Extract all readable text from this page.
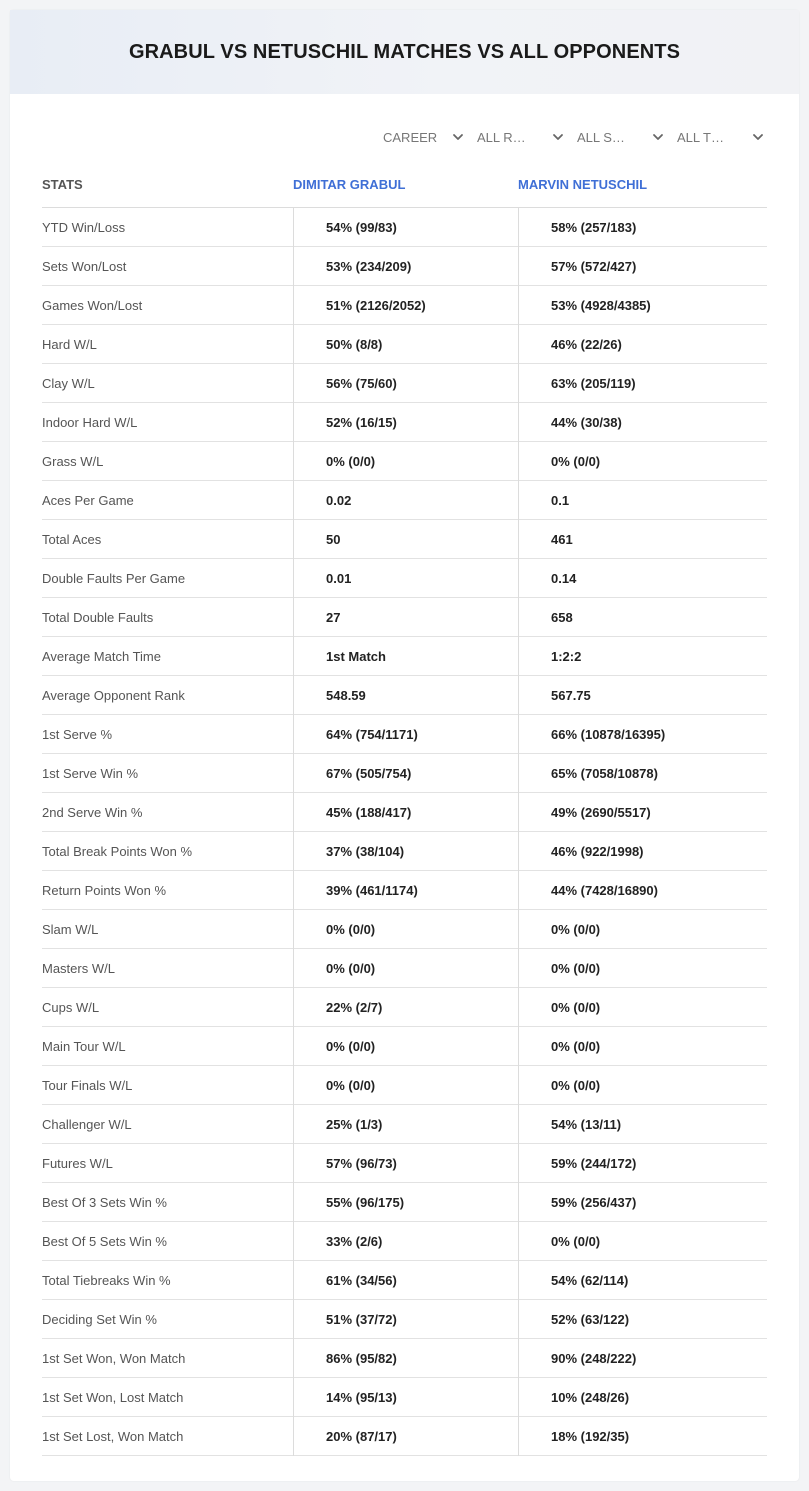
GRABUL VS NETUSCHIL MATCHES VS ALL OPPONENTS
CAREER	ALL R…	ALL S…	ALL T…
STATS	DIMITAR GRABUL	MARVIN NETUSCHIL
YTD Win/Loss	54% (99/83)	58% (257/183)
Sets Won/Lost	53% (234/209)	57% (572/427)
Games Won/Lost	51% (2126/2052)	53% (4928/4385)
Hard W/L	50% (8/8)	46% (22/26)
Clay W/L	56% (75/60)	63% (205/119)
Indoor Hard W/L	52% (16/15)	44% (30/38)
Grass W/L	0% (0/0)	0% (0/0)
Aces Per Game	0.02	0.1
Total Aces	50	461
Double Faults Per Game	0.01	0.14
Total Double Faults	27	658
Average Match Time	1st Match	1:2:2
Average Opponent Rank	548.59	567.75
1st Serve %	64% (754/1171)	66% (10878/16395)
1st Serve Win %	67% (505/754)	65% (7058/10878)
2nd Serve Win %	45% (188/417)	49% (2690/5517)
Total Break Points Won %	37% (38/104)	46% (922/1998)
Return Points Won %	39% (461/1174)	44% (7428/16890)
Slam W/L	0% (0/0)	0% (0/0)
Masters W/L	0% (0/0)	0% (0/0)
Cups W/L	22% (2/7)	0% (0/0)
Main Tour W/L	0% (0/0)	0% (0/0)
Tour Finals W/L	0% (0/0)	0% (0/0)
Challenger W/L	25% (1/3)	54% (13/11)
Futures W/L	57% (96/73)	59% (244/172)
Best Of 3 Sets Win %	55% (96/175)	59% (256/437)
Best Of 5 Sets Win %	33% (2/6)	0% (0/0)
Total Tiebreaks Win %	61% (34/56)	54% (62/114)
Deciding Set Win %	51% (37/72)	52% (63/122)
1st Set Won, Won Match	86% (95/82)	90% (248/222)
1st Set Won, Lost Match	14% (95/13)	10% (248/26)
1st Set Lost, Won Match	20% (87/17)	18% (192/35)
